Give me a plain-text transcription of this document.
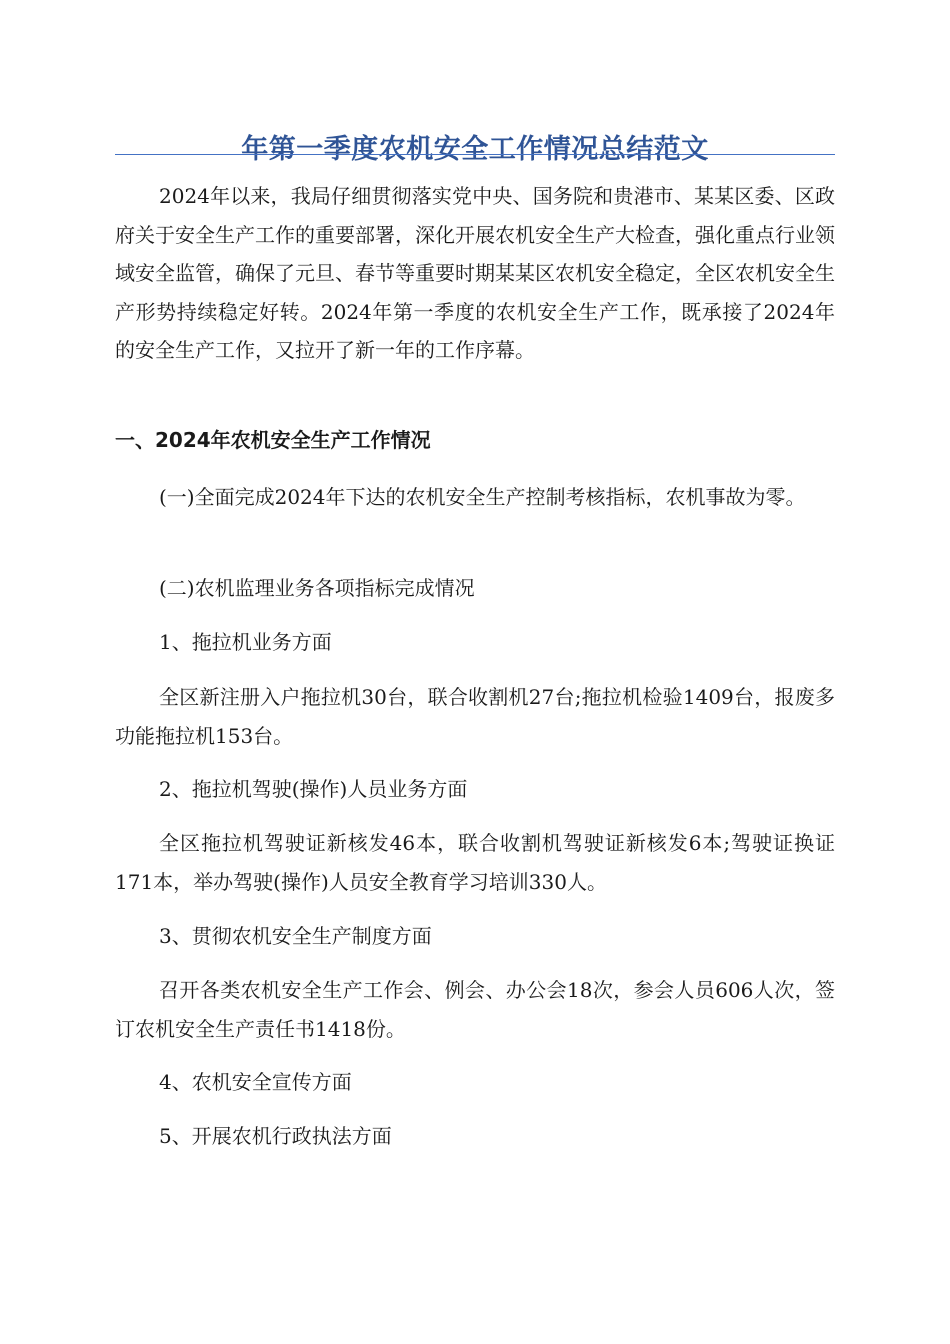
年第一季度农机安全工作情况总结范文

2024年以来，我局仔细贯彻落实党中央、国务院和贵港市、某某区委、区政府关于安全生产工作的重要部署，深化开展农机安全生产大检查，强化重点行业领域安全监管，确保了元旦、春节等重要时期某某区农机安全稳定，全区农机安全生产形势持续稳定好转。2024年第一季度的农机安全生产工作，既承接了2024年的安全生产工作，又拉开了新一年的工作序幕。

一、2024年农机安全生产工作情况

(一)全面完成2024年下达的农机安全生产控制考核指标，农机事故为零。

(二)农机监理业务各项指标完成情况

1、拖拉机业务方面

全区新注册入户拖拉机30台，联合收割机27台;拖拉机检验1409台，报废多功能拖拉机153台。

2、拖拉机驾驶(操作)人员业务方面

全区拖拉机驾驶证新核发46本，联合收割机驾驶证新核发6本;驾驶证换证171本，举办驾驶(操作)人员安全教育学习培训330人。

3、贯彻农机安全生产制度方面

召开各类农机安全生产工作会、例会、办公会18次，参会人员606人次，签订农机安全生产责任书1418份。

4、农机安全宣传方面

5、开展农机行政执法方面
